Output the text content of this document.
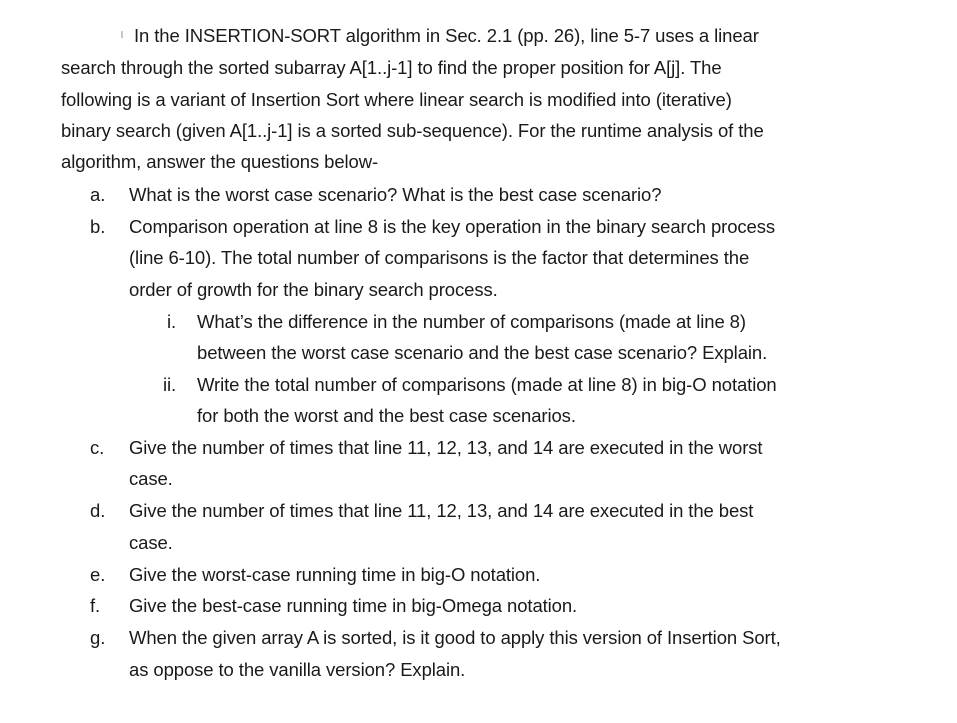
In the INSERTION-SORT algorithm in Sec. 2.1 (pp. 26), line 5-7 uses a linear
search through the sorted subarray A[1..j-1] to find the proper position for A[j]. The
following is a variant of Insertion Sort where linear search is modified into (iterative)
binary search (given A[1..j-1] is a sorted sub-sequence). For the runtime analysis of the
algorithm, answer the questions below-
a. What is the worst case scenario? What is the best case scenario?
b. Comparison operation at line 8 is the key operation in the binary search process
(line 6-10). The total number of comparisons is the factor that determines the
order of growth for the binary search process.
i. What’s the difference in the number of comparisons (made at line 8)
between the worst case scenario and the best case scenario? Explain.
ii. Write the total number of comparisons (made at line 8) in big-O notation
for both the worst and the best case scenarios.
c. Give the number of times that line 11, 12, 13, and 14 are executed in the worst
case.
d. Give the number of times that line 11, 12, 13, and 14 are executed in the best
case.
e. Give the worst-case running time in big-O notation.
f. Give the best-case running time in big-Omega notation.
g. When the given array A is sorted, is it good to apply this version of Insertion Sort,
as oppose to the vanilla version? Explain.
